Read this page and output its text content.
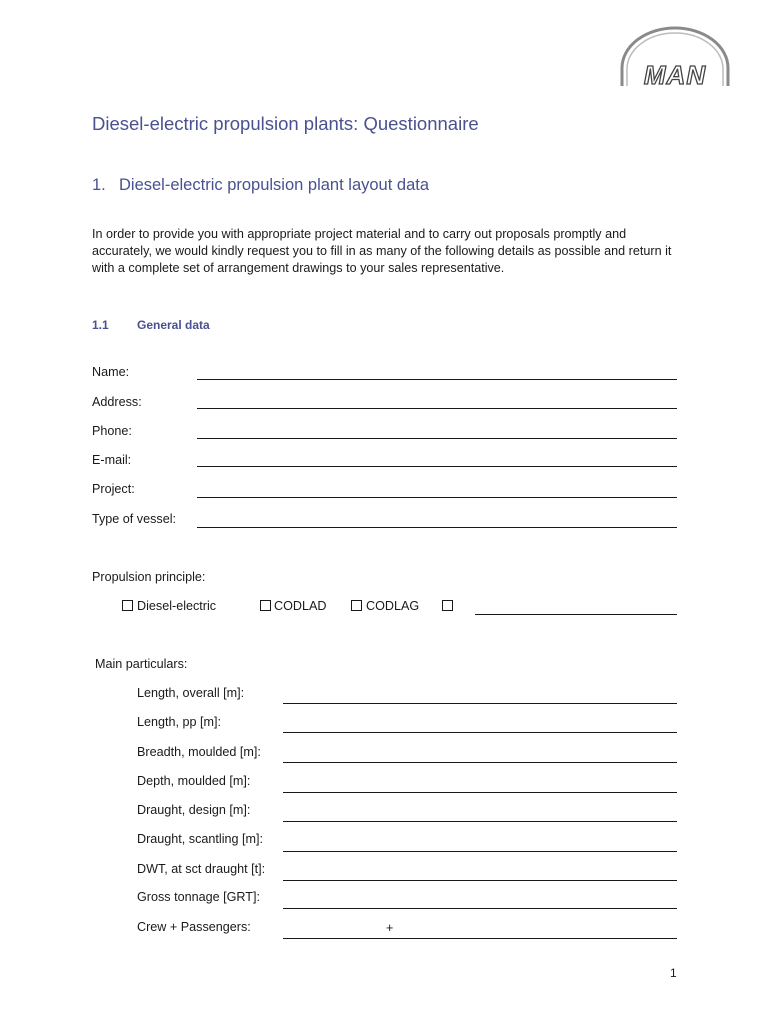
MAN
Diesel-electric propulsion plants: Questionnaire
1. Diesel-electric propulsion plant layout data
In order to provide you with appropriate project material and to carry out proposals promptly and accurately, we would kindly request you to fill in as many of the following details as possible and return it with a complete set of arrangement drawings to your sales representative.
1.1 General data
Name:
Address:
Phone:
E-mail:
Project:
Type of vessel:
Propulsion principle:
Diesel-electric	CODLAD	CODLAG
Main particulars:
Length, overall [m]:
Length, pp [m]:
Breadth, moulded [m]:
Depth, moulded [m]:
Draught, design [m]:
Draught, scantling [m]:
DWT, at sct draught [t]:
Gross tonnage [GRT]:
Crew + Passengers:	+
1
